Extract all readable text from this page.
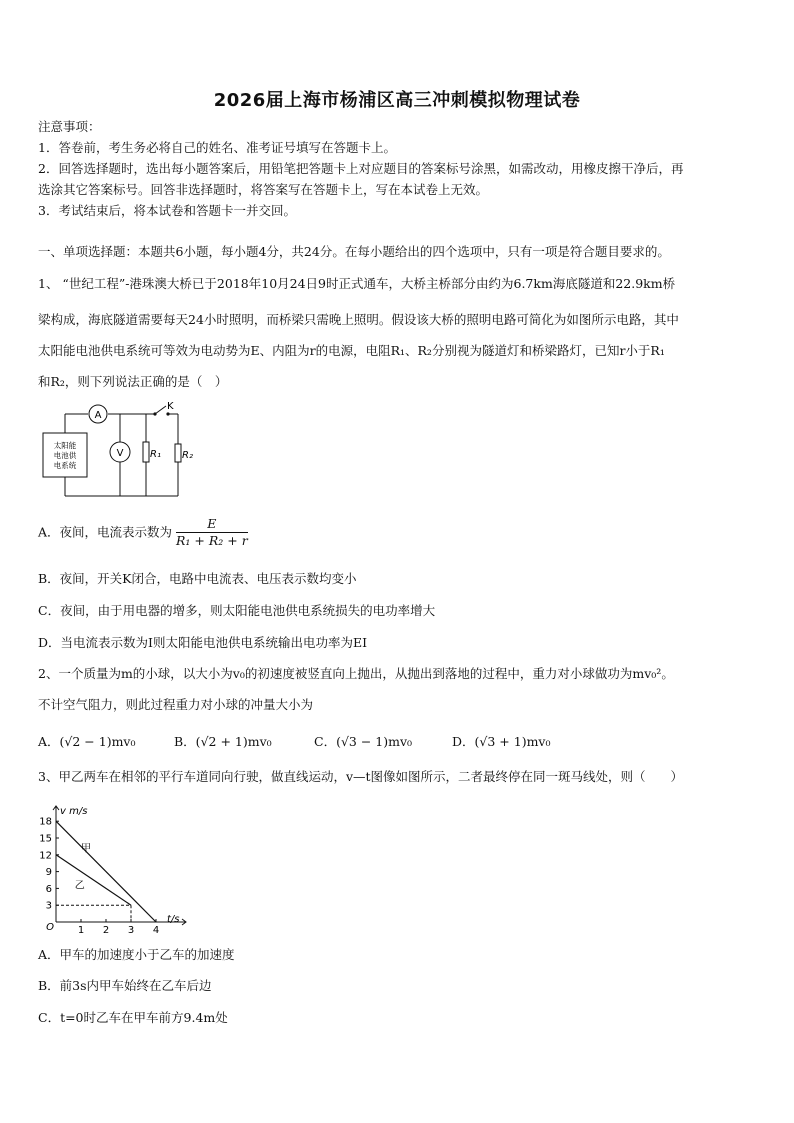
2026届上海市杨浦区高三冲刺模拟物理试卷
注意事项：
1．答卷前，考生务必将自己的姓名、准考证号填写在答题卡上。
2．回答选择题时，选出每小题答案后，用铅笔把答题卡上对应题目的答案标号涂黑，如需改动，用橡皮擦干净后，再
选涂其它答案标号。回答非选择题时，将答案写在答题卡上，写在本试卷上无效。
3．考试结束后，将本试卷和答题卡一并交回。
一、单项选择题：本题共6小题，每小题4分，共24分。在每小题给出的四个选项中，只有一项是符合题目要求的。
1、 “世纪工程”-港珠澳大桥已于2018年10月24日9时正式通车，大桥主桥部分由约为6.7km海底隧道和22.9km桥
梁构成，海底隧道需要每天24小时照明，而桥梁只需晚上照明。假设该大桥的照明电路可简化为如图所示电路，其中
太阳能电池供电系统可等效为电动势为E、内阻为r的电源，电阻R₁、R₂分别视为隧道灯和桥梁路灯，已知r小于R₁
和R₂，则下列说法正确的是（　）
A
V
K
R₁ R₂
太阳能
电池供
电系统
A．夜间，电流表示数为 $\frac{E}{\text{R₁ + R₂ + r}}$
B．夜间，开关K闭合，电路中电流表、电压表示数均变小
C．夜间，由于用电器的增多，则太阳能电池供电系统损失的电功率增大
D．当电流表示数为I则太阳能电池供电系统输出电功率为EI
2、一个质量为m的小球，以大小为v₀的初速度被竖直向上抛出，从抛出到落地的过程中，重力对小球做功为mv₀²。
不计空气阻力，则此过程重力对小球的冲量大小为
A．(√2 − 1)mv₀	B．(√2 + 1)mv₀	C．(√3 − 1)mv₀	D．(√3 + 1)mv₀
3、甲乙两车在相邻的平行车道同向行驶，做直线运动，v—t图像如图所示，二者最终停在同一斑马线处，则（　　）
v m/s
t/s
O
18
15
12
9
6
3
1 2 3 4
甲
乙
A．甲车的加速度小于乙车的加速度
B．前3s内甲车始终在乙车后边
C．t=0时乙车在甲车前方9.4m处
